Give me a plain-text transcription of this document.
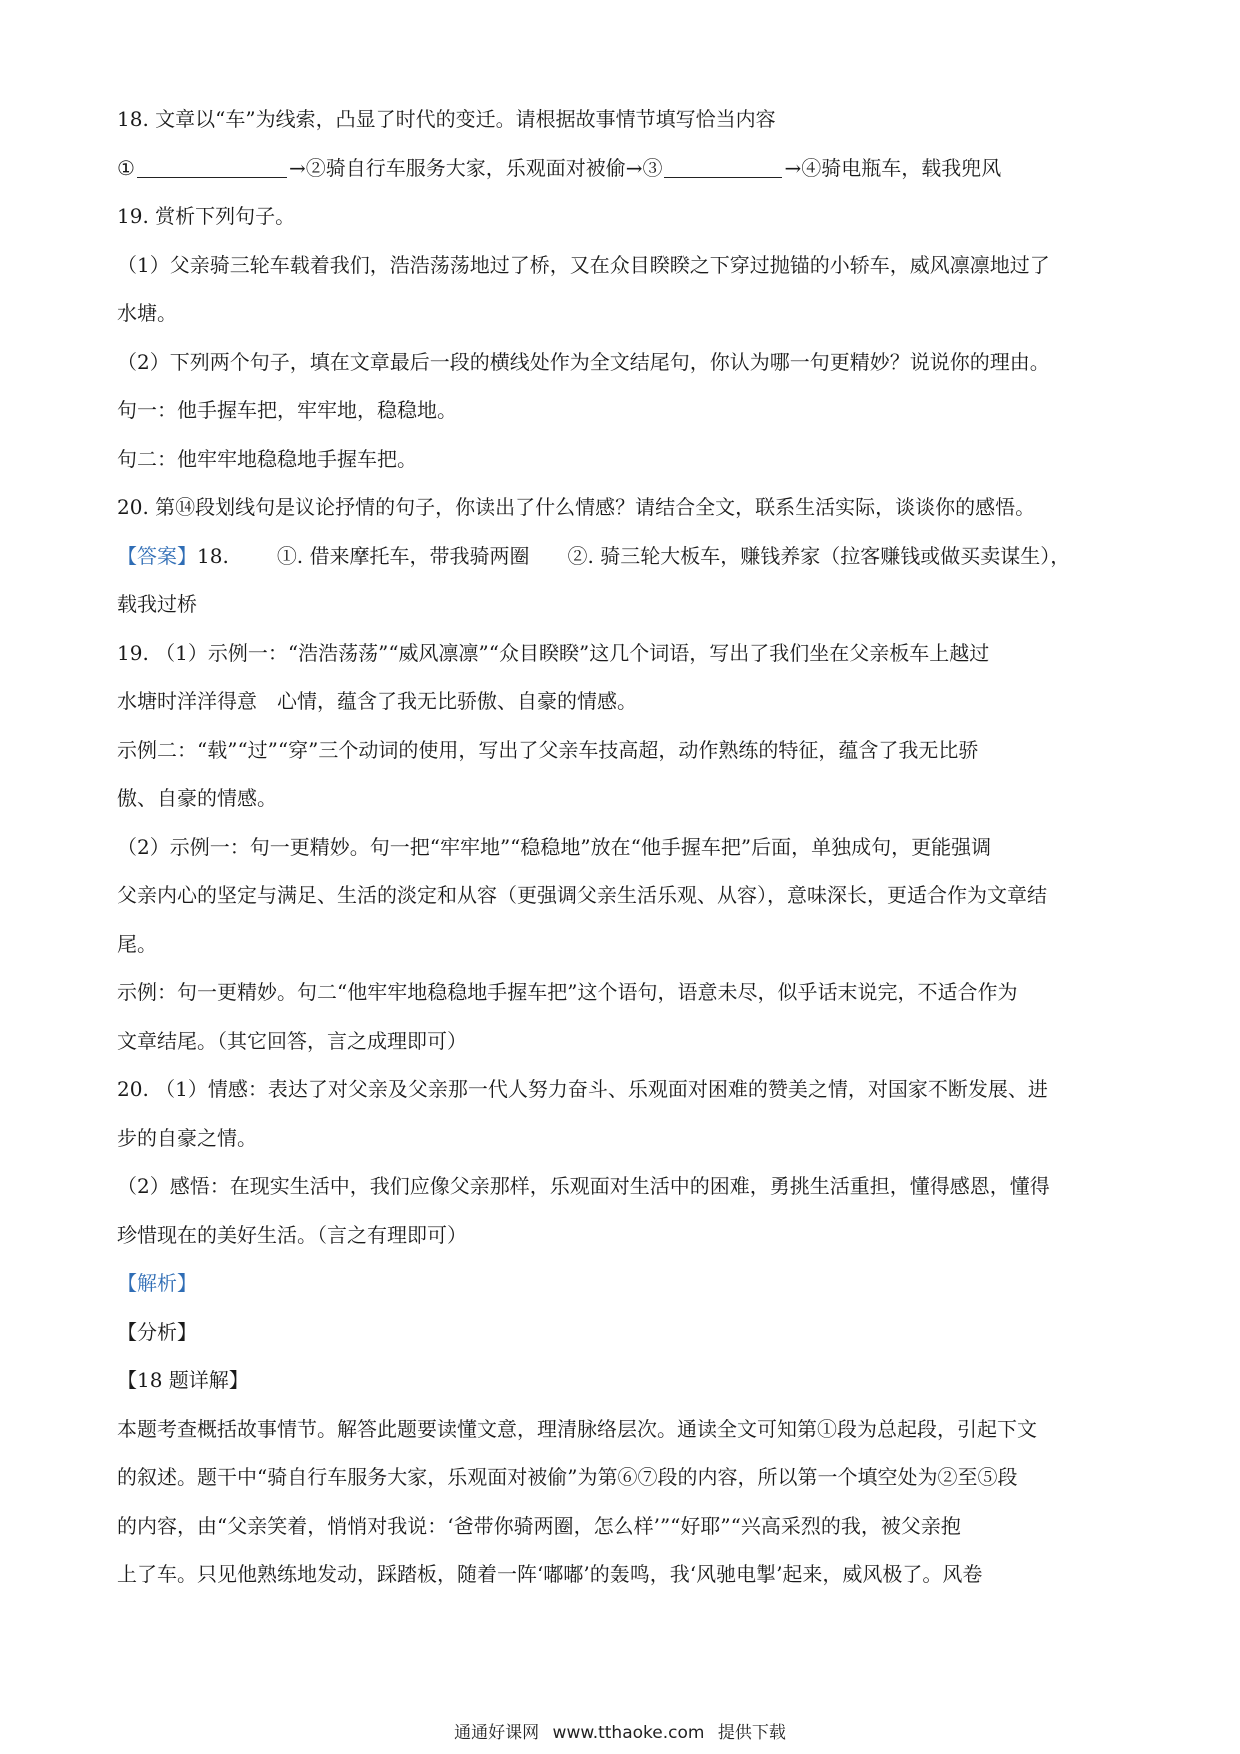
18. 文章以“车”为线索，凸显了时代的变迁。请根据故事情节填写恰当内容
①	→②骑自行车服务大家，乐观面对被偷→③	→④骑电瓶车，载我兜风
19. 赏析下列句子。
（1）父亲骑三轮车载着我们，浩浩荡荡地过了桥，又在众目睽睽之下穿过抛锚的小轿车，威风凛凛地过了
水塘。
（2）下列两个句子，填在文章最后一段的横线处作为全文结尾句，你认为哪一句更精妙？说说你的理由。
句一：他手握车把，牢牢地，稳稳地。
句二：他牢牢地稳稳地手握车把。
20. 第⑭段划线句是议论抒情的句子，你读出了什么情感？请结合全文，联系生活实际，谈谈你的感悟。
【答案】18. ①. 借来摩托车，带我骑两圈 ②. 骑三轮大板车，赚钱养家（拉客赚钱或做买卖谋生），
载我过桥
19. （1）示例一：“浩浩荡荡”“威风凛凛”“众目睽睽”这几个词语，写出了我们坐在父亲板车上越过
水塘时洋洋得意　心情，蕴含了我无比骄傲、自豪的情感。
示例二：“载”“过”“穿”三个动词的使用，写出了父亲车技高超，动作熟练的特征，蕴含了我无比骄
傲、自豪的情感。
（2）示例一：句一更精妙。句一把“牢牢地”“稳稳地”放在“他手握车把”后面，单独成句，更能强调
父亲内心的坚定与满足、生活的淡定和从容（更强调父亲生活乐观、从容），意味深长，更适合作为文章结
尾。
示例：句一更精妙。句二“他牢牢地稳稳地手握车把”这个语句，语意未尽，似乎话末说完，不适合作为
文章结尾。（其它回答，言之成理即可）
20. （1）情感：表达了对父亲及父亲那一代人努力奋斗、乐观面对困难的赞美之情，对国家不断发展、进
步的自豪之情。
（2）感悟：在现实生活中，我们应像父亲那样，乐观面对生活中的困难，勇挑生活重担，懂得感恩，懂得
珍惜现在的美好生活。（言之有理即可）
【解析】
【分析】
【18 题详解】
本题考查概括故事情节。解答此题要读懂文意，理清脉络层次。通读全文可知第①段为总起段，引起下文
的叙述。题干中“骑自行车服务大家，乐观面对被偷”为第⑥⑦段的内容，所以第一个填空处为②至⑤段
的内容，由“父亲笑着，悄悄对我说：‘爸带你骑两圈，怎么样’”“好耶”“兴高采烈的我，被父亲抱
上了车。只见他熟练地发动，踩踏板，随着一阵‘嘟嘟’的轰鸣，我‘风驰电掣’起来，威风极了。风卷
通通好课网 www.tthaoke.com 提供下载
